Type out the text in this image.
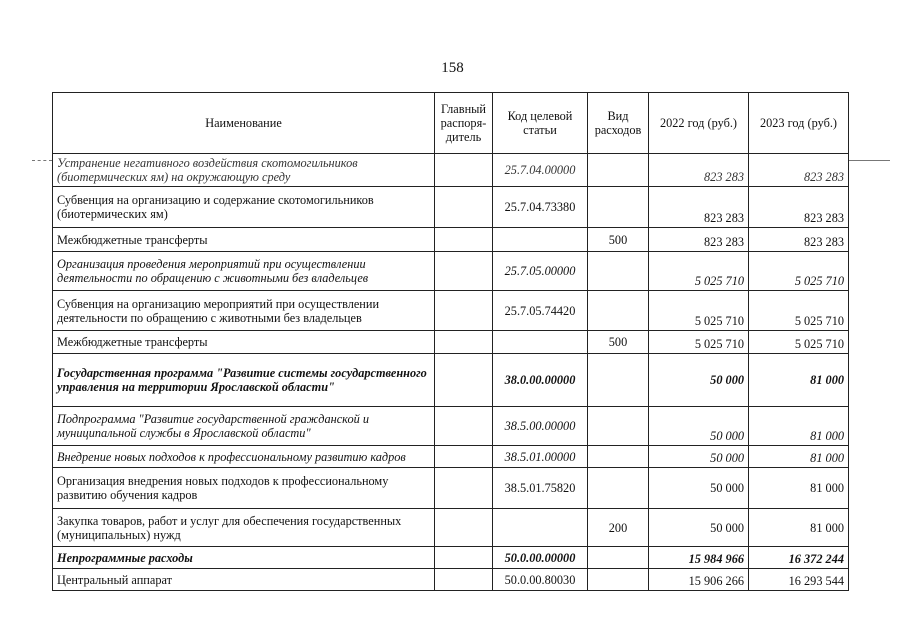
158
Наименование	Главный распоря-дитель	Код целевой статьи	Вид расходов	2022 год (руб.)	2023 год (руб.)
Устранение негативного воздействия скотомогильников (биотермических ям) на окружающую среду		25.7.04.00000		823 283	823 283
Субвенция на организацию и содержание скотомогильников (биотермических ям)		25.7.04.73380		823 283	823 283
Межбюджетные трансферты			500	823 283	823 283
Организация проведения мероприятий при осуществлении деятельности по обращению с животными без владельцев		25.7.05.00000		5 025 710	5 025 710
Субвенция на организацию мероприятий при осуществлении деятельности по обращению с животными без владельцев		25.7.05.74420		5 025 710	5 025 710
Межбюджетные трансферты			500	5 025 710	5 025 710
Государственная программа "Развитие системы государственного управления на территории Ярославской области"		38.0.00.00000		50 000	81 000
Подпрограмма "Развитие государственной гражданской и муниципальной службы в Ярославской области"		38.5.00.00000		50 000	81 000
Внедрение новых подходов к профессиональному развитию кадров		38.5.01.00000		50 000	81 000
Организация внедрения новых подходов к профессиональному развитию обучения кадров		38.5.01.75820		50 000	81 000
Закупка товаров, работ и услуг для обеспечения государственных (муниципальных) нужд			200	50 000	81 000
Непрограммные расходы		50.0.00.00000		15 984 966	16 372 244
Центральный аппарат		50.0.00.80030		15 906 266	16 293 544
